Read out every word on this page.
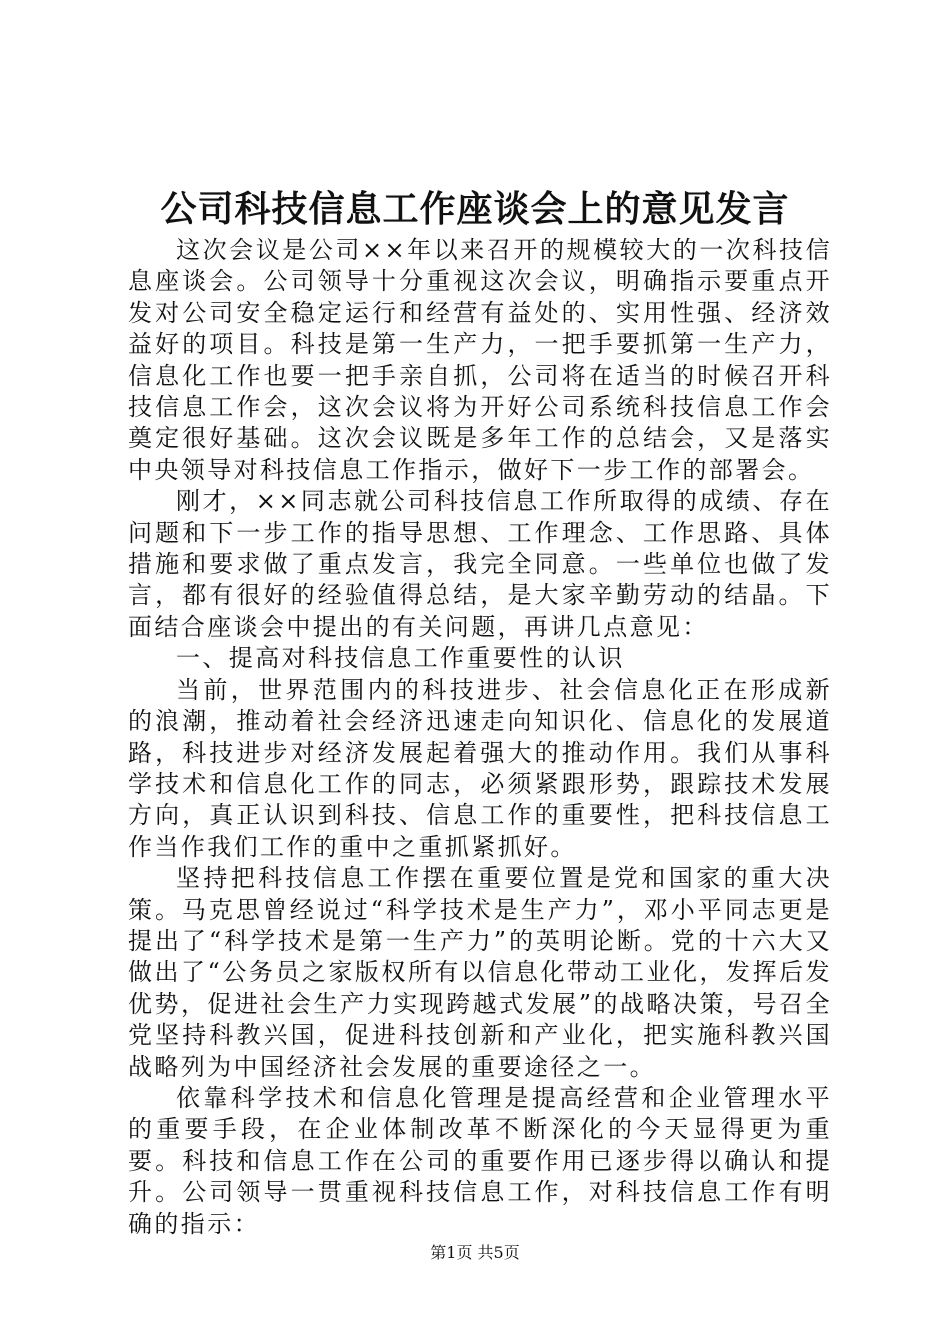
公司科技信息工作座谈会上的意见发言

这次会议是公司××年以来召开的规模较大的一次科技信息座谈会。公司领导十分重视这次会议，明确指示要重点开发对公司安全稳定运行和经营有益处的、实用性强、经济效益好的项目。科技是第一生产力，一把手要抓第一生产力，信息化工作也要一把手亲自抓，公司将在适当的时候召开科技信息工作会，这次会议将为开好公司系统科技信息工作会奠定很好基础。这次会议既是多年工作的总结会，又是落实中央领导对科技信息工作指示，做好下一步工作的部署会。

刚才，××同志就公司科技信息工作所取得的成绩、存在问题和下一步工作的指导思想、工作理念、工作思路、具体措施和要求做了重点发言，我完全同意。一些单位也做了发言，都有很好的经验值得总结，是大家辛勤劳动的结晶。下面结合座谈会中提出的有关问题，再讲几点意见：

一、提高对科技信息工作重要性的认识

当前，世界范围内的科技进步、社会信息化正在形成新的浪潮，推动着社会经济迅速走向知识化、信息化的发展道路，科技进步对经济发展起着强大的推动作用。我们从事科学技术和信息化工作的同志，必须紧跟形势，跟踪技术发展方向，真正认识到科技、信息工作的重要性，把科技信息工作当作我们工作的重中之重抓紧抓好。

坚持把科技信息工作摆在重要位置是党和国家的重大决策。马克思曾经说过“科学技术是生产力”，邓小平同志更是提出了“科学技术是第一生产力”的英明论断。党的十六大又做出了“公务员之家版权所有以信息化带动工业化，发挥后发优势，促进社会生产力实现跨越式发展”的战略决策，号召全党坚持科教兴国，促进科技创新和产业化，把实施科教兴国战略列为中国经济社会发展的重要途径之一。

依靠科学技术和信息化管理是提高经营和企业管理水平的重要手段，在企业体制改革不断深化的今天显得更为重要。科技和信息工作在公司的重要作用已逐步得以确认和提升。公司领导一贯重视科技信息工作，对科技信息工作有明确的指示：

第1页 共5页
